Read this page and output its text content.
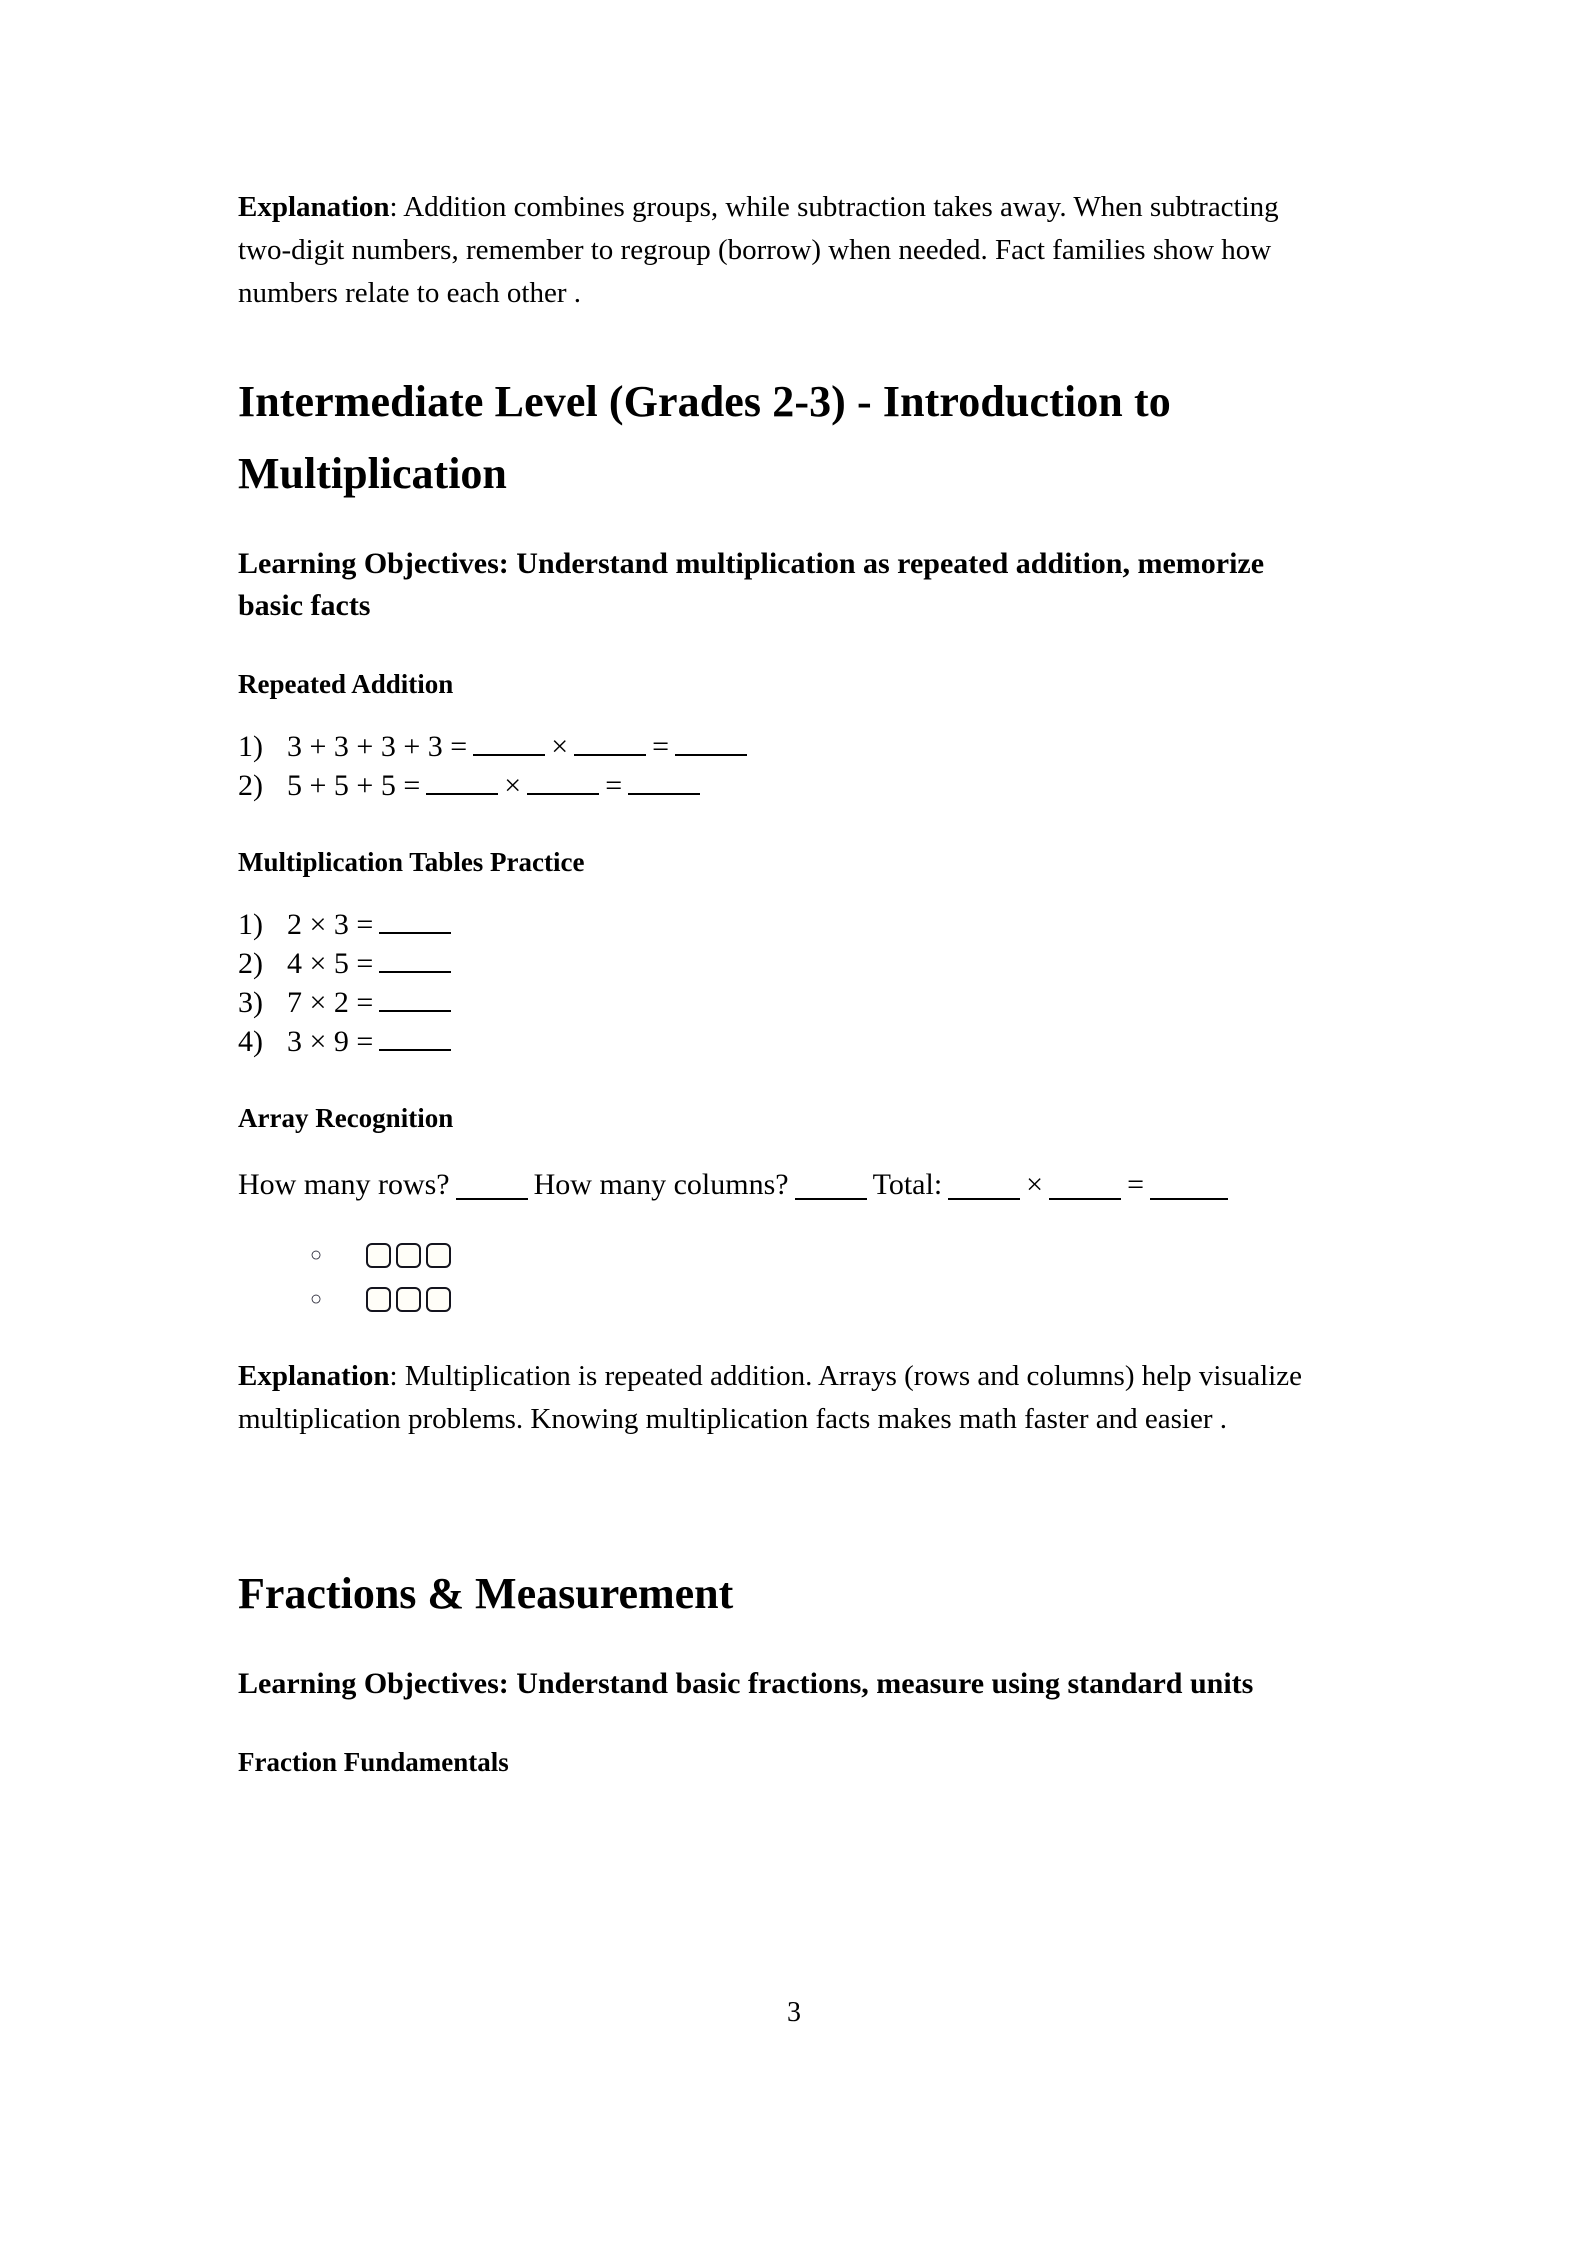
Explanation: Addition combines groups, while subtraction takes away. When subtracting two-digit numbers, remember to regroup (borrow) when needed. Fact families show how numbers relate to each other .

Intermediate Level (Grades 2-3) - Introduction to
Multiplication

Learning Objectives: Understand multiplication as repeated addition, memorize basic facts

Repeated Addition
1) 3 + 3 + 3 + 3 =	×	=
2) 5 + 5 + 5 =	×	=
Multiplication Tables Practice
1) 2 × 3 =
2) 4 × 5 =
3) 7 × 2 =
4) 3 × 9 =
Array Recognition

How many rows?	How many columns?	Total:	×	=

○
○

Explanation: Multiplication is repeated addition. Arrays (rows and columns) help visualize multiplication problems. Knowing multiplication facts makes math faster and easier .

Fractions & Measurement

Learning Objectives: Understand basic fractions, measure using standard units

Fraction Fundamentals
3
